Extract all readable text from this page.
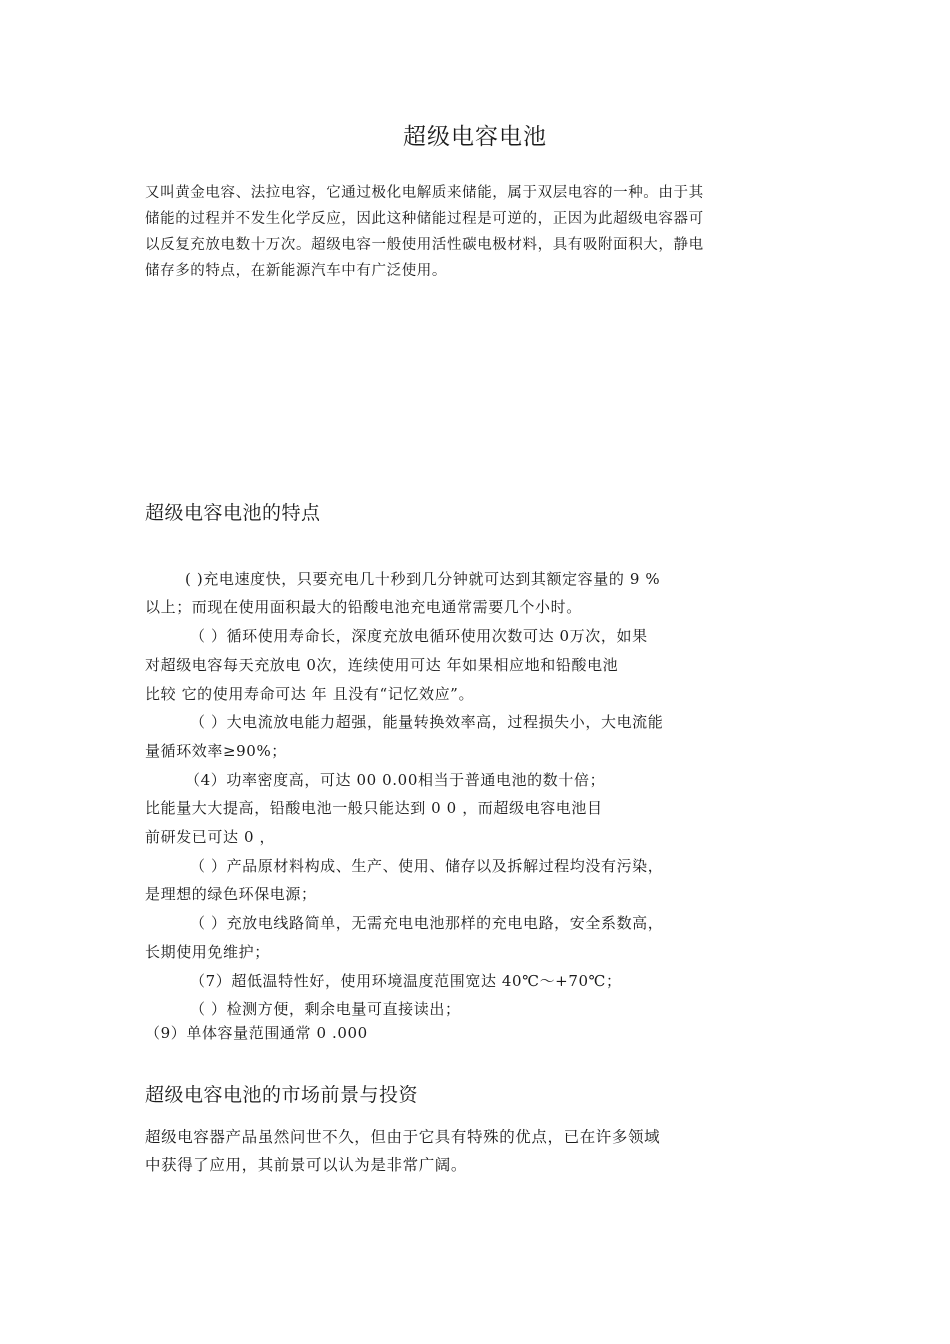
超级电容电池

又叫黄金电容、法拉电容，它通过极化电解质来储能，属于双层电容的一种。由于其

储能的过程并不发生化学反应，因此这种储能过程是可逆的，正因为此超级电容器可

以反复充放电数十万次。超级电容一般使用活性碳电极材料，具有吸附面积大，静电

储存多的特点，在新能源汽车中有广泛使用。

超级电容电池的特点
( )充电速度快，只要充电几十秒到几分钟就可达到其额定容量的 9 %
以上；而现在使用面积最大的铅酸电池充电通常需要几个小时。
（ ）循环使用寿命长，深度充放电循环使用次数可达 0万次，如果
对超级电容每天充放电 0次，连续使用可达 年如果相应地和铅酸电池
比较 它的使用寿命可达 年 且没有“记忆效应”。
（ ）大电流放电能力超强，能量转换效率高，过程损失小，大电流能
量循环效率≥90%；
（4）功率密度高，可达 00 0.00相当于普通电池的数十倍；
比能量大大提高，铅酸电池一般只能达到 0 0 ，而超级电容电池目
前研发已可达 0 ，
（ ）产品原材料构成、生产、使用、储存以及拆解过程均没有污染，
是理想的绿色环保电源；
（ ）充放电线路简单，无需充电电池那样的充电电路，安全系数高，
长期使用免维护；
（7）超低温特性好，使用环境温度范围宽达 40℃～+70℃；
（ ）检测方便，剩余电量可直接读出；
（9）单体容量范围通常 0 .000
超级电容电池的市场前景与投资

超级电容器产品虽然问世不久，但由于它具有特殊的优点，已在许多领域

中获得了应用，其前景可以认为是非常广阔。
